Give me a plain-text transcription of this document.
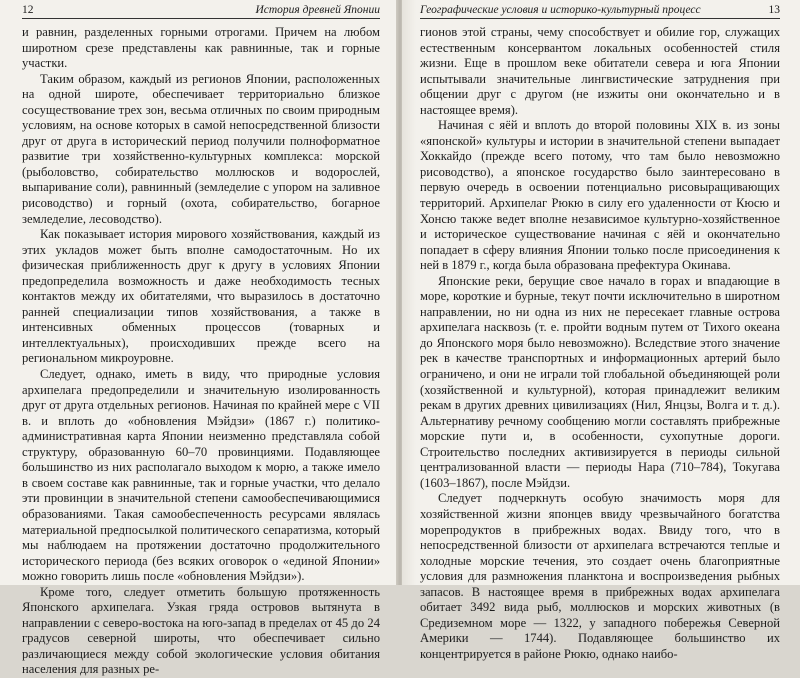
12	История древней Японии

и равнин, разделенных горными отрогами. Причем на любом широтном срезе представлены как равнинные, так и горные участки.

Таким образом, каждый из регионов Японии, расположенных на одной широте, обеспечивает территориально близкое сосуществование трех зон, весьма отличных по своим природным условиям, на основе которых в самой непосредственной близости друг от друга в исторический период получили полноформатное развитие три хозяйственно-культурных комплекса: морской (рыболовство, собирательство моллюсков и водорослей, выпаривание соли), равнинный (земледелие с упором на заливное рисоводство) и горный (охота, собирательство, богарное земледелие, лесоводство).

Как показывает история мирового хозяйствования, каждый из этих укладов может быть вполне самодостаточным. Но их физическая приближенность друг к другу в условиях Японии предопределила возможность и даже необходимость тесных контактов между их обитателями, что выразилось в достаточно ранней специализации типов хозяйствования, а также в интенсивных обменных процессов (товарных и интеллектуальных), происходивших прежде всего на региональном микроуровне.

Следует, однако, иметь в виду, что природные условия архипелага предопределили и значительную изолированность друг от друга отдельных регионов. Начиная по крайней мере с VII в. и вплоть до «обновления Мэйдзи» (1867 г.) политико-административная карта Японии неизменно представляла собой структуру, образованную 60–70 провинциями. Подавляющее большинство из них располагало выходом к морю, а также имело в своем составе как равнинные, так и горные участки, что делало эти провинции в значительной степени самообеспечивающимися образованиями. Такая самообеспеченность ресурсами являлась материальной предпосылкой политического сепаратизма, который мы наблюдаем на протяжении достаточно продолжительного исторического периода (без всяких оговорок о «единой Японии» можно говорить лишь после «обновления Мэйдзи»).

Кроме того, следует отметить большую протяженность Японского архипелага. Узкая гряда островов вытянута в направлении с северо-востока на юго-запад в пределах от 45 до 24 градусов северной широты, что обеспечивает сильно различающиеся между собой экологические условия обитания населения для разных ре-

Географические условия и историко-культурный процесс	13

гионов этой страны, чему способствует и обилие гор, служащих естественным консервантом локальных особенностей стиля жизни. Еще в прошлом веке обитатели севера и юга Японии испытывали значительные лингвистические затруднения при общении друг с другом (не изжиты они окончательно и в настоящее время).

Начиная с яёй и вплоть до второй половины XIX в. из зоны «японской» культуры и истории в значительной степени выпадает Хоккайдо (прежде всего потому, что там было невозможно рисоводство), а японское государство было заинтересовано в первую очередь в освоении потенциально рисовыращивающих территорий. Архипелаг Рюкю в силу его удаленности от Кюсю и Хонсю также ведет вполне независимое культурно-хозяйственное и историческое существование начиная с яёй и окончательно попадает в сферу влияния Японии только после присоединения к ней в 1879 г., когда была образована префектура Окинава.

Японские реки, берущие свое начало в горах и впадающие в море, короткие и бурные, текут почти исключительно в широтном направлении, но ни одна из них не пересекает главные острова архипелага насквозь (т. е. пройти водным путем от Тихого океана до Японского моря было невозможно). Вследствие этого значение рек в качестве транспортных и информационных артерий было ограничено, и они не играли той глобальной объединяющей роли (хозяйственной и культурной), которая принадлежит великим рекам в других древних цивилизациях (Нил, Янцзы, Волга и т. д.). Альтернативу речному сообщению могли составлять прибрежные морские пути и, в особенности, сухопутные дороги. Строительство последних активизируется в периоды сильной централизованной власти — периоды Нара (710–784), Токугава (1603–1867), после Мэйдзи.

Следует подчеркнуть особую значимость моря для хозяйственной жизни японцев ввиду чрезвычайного богатства морепродуктов в прибрежных водах. Ввиду того, что в непосредственной близости от архипелага встречаются теплые и холодные морские течения, это создает очень благоприятные условия для размножения планктона и воспроизведения рыбных запасов. В настоящее время в прибрежных водах архипелага обитает 3492 вида рыб, моллюсков и морских животных (в Средиземном море — 1322, у западного побережья Северной Америки — 1744). Подавляющее большинство их концентрируется в районе Рюкю, однако наибо-
